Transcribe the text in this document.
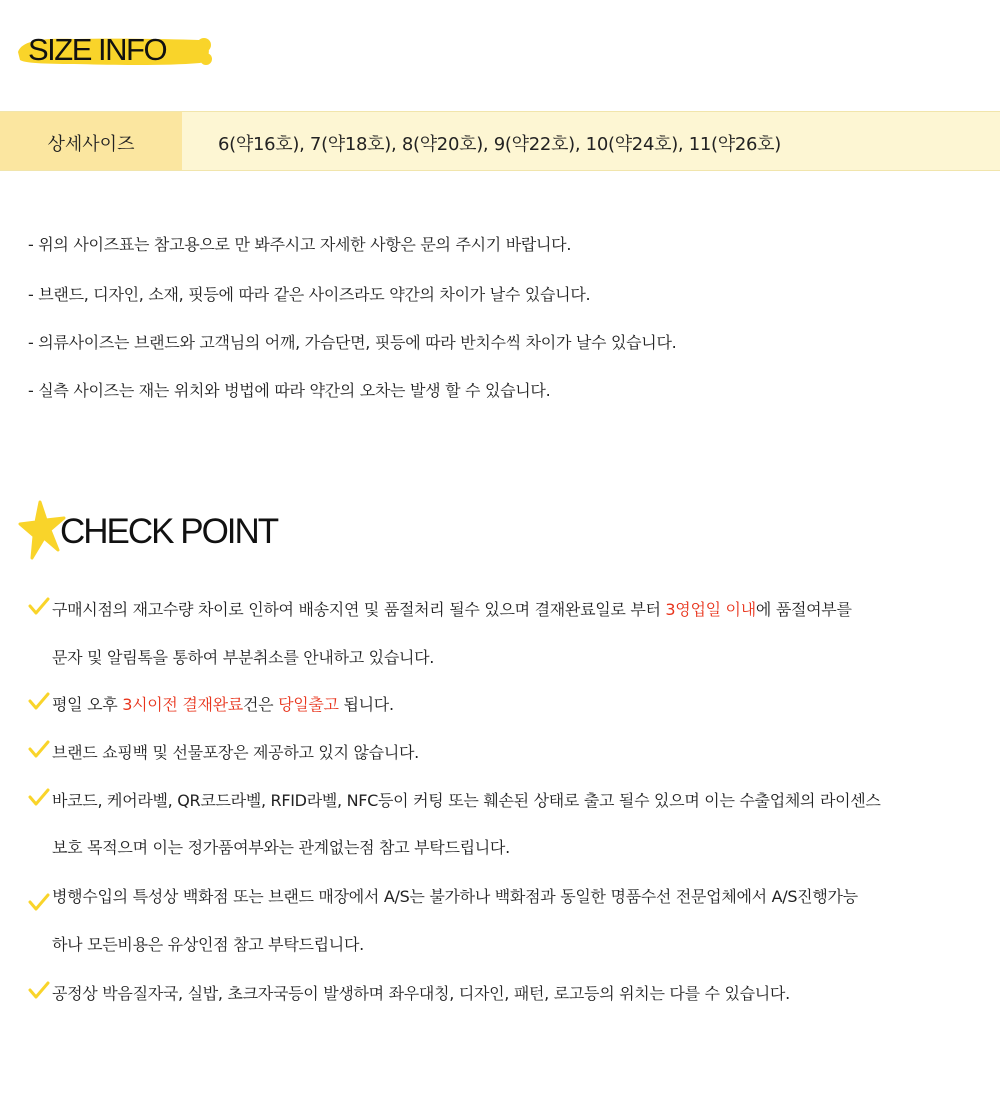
SIZE INFO
상세사이즈	6(약16호), 7(약18호), 8(약20호), 9(약22호), 10(약24호), 11(약26호)
- 위의 사이즈표는 참고용으로 만 봐주시고 자세한 사항은 문의 주시기 바랍니다.
- 브랜드, 디자인, 소재, 핏등에 따라 같은 사이즈라도 약간의 차이가 날수 있습니다.
- 의류사이즈는 브랜드와 고객님의 어깨, 가슴단면, 핏등에 따라 반치수씩 차이가 날수 있습니다.
- 실측 사이즈는 재는 위치와 벙법에 따라 약간의 오차는 발생 할 수 있습니다.
CHECK POINT
구매시점의 재고수량 차이로 인하여 배송지연 및 품절처리 될수 있으며 결재완료일로 부터 3영업일 이내에 품절여부를
문자 및 알림톡을 통하여 부분취소를 안내하고 있습니다.
평일 오후 3시이전 결재완료건은 당일출고 됩니다.
브랜드 쇼핑백 및 선물포장은 제공하고 있지 않습니다.
바코드, 케어라벨, QR코드라벨, RFID라벨, NFC등이 커팅 또는 훼손된 상태로 출고 될수 있으며 이는 수출업체의 라이센스
보호 목적으며 이는 정가품여부와는 관계없는점 참고 부탁드립니다.
병행수입의 특성상 백화점 또는 브랜드 매장에서 A/S는 불가하나 백화점과 동일한 명품수선 전문업체에서 A/S진행가능
하나 모든비용은 유상인점 참고 부탁드립니다.
공정상 박음질자국, 실밥, 초크자국등이 발생하며 좌우대칭, 디자인, 패턴, 로고등의 위치는 다를 수 있습니다.
